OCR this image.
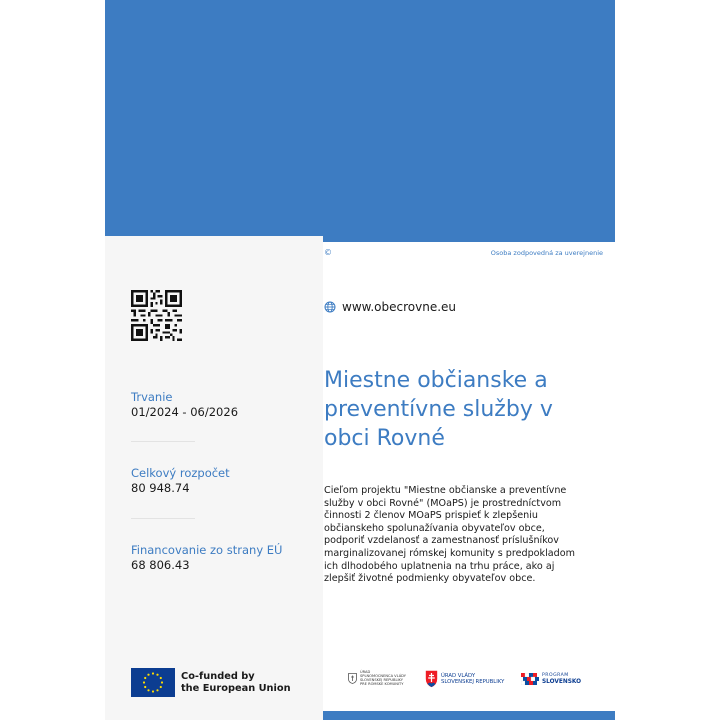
©	Osoba zodpovedná za uverejnenie
www.obecrovne.eu
Miestne občianske a preventívne služby v obci Rovné
Cieľom projektu "Miestne občianske a preventívne služby v obci Rovné" (MOaPS) je prostredníctvom činnosti 2 členov MOaPS prispieť k zlepšeniu občianskeho spolunažívania obyvateľov obce, podporiť vzdelanosť a zamestnanosť príslušníkov marginalizovanej rómskej komunity s predpokladom ich dlhodobého uplatnenia na trhu práce, ako aj zlepšiť životné podmienky obyvateľov obce.
Trvanie
01/2024 - 06/2026
Celkový rozpočet
80 948.74
Financovanie zo strany EÚ
68 806.43
Co-funded by
the European Union
ÚRAD
SPLNOMOCNENCA VLÁDY
SLOVENSKEJ REPUBLIKY
PRE RÓMSKE KOMUNITY
ÚRAD VLÁDY
SLOVENSKEJ REPUBLIKY
PROGRAM
SLOVENSKO
